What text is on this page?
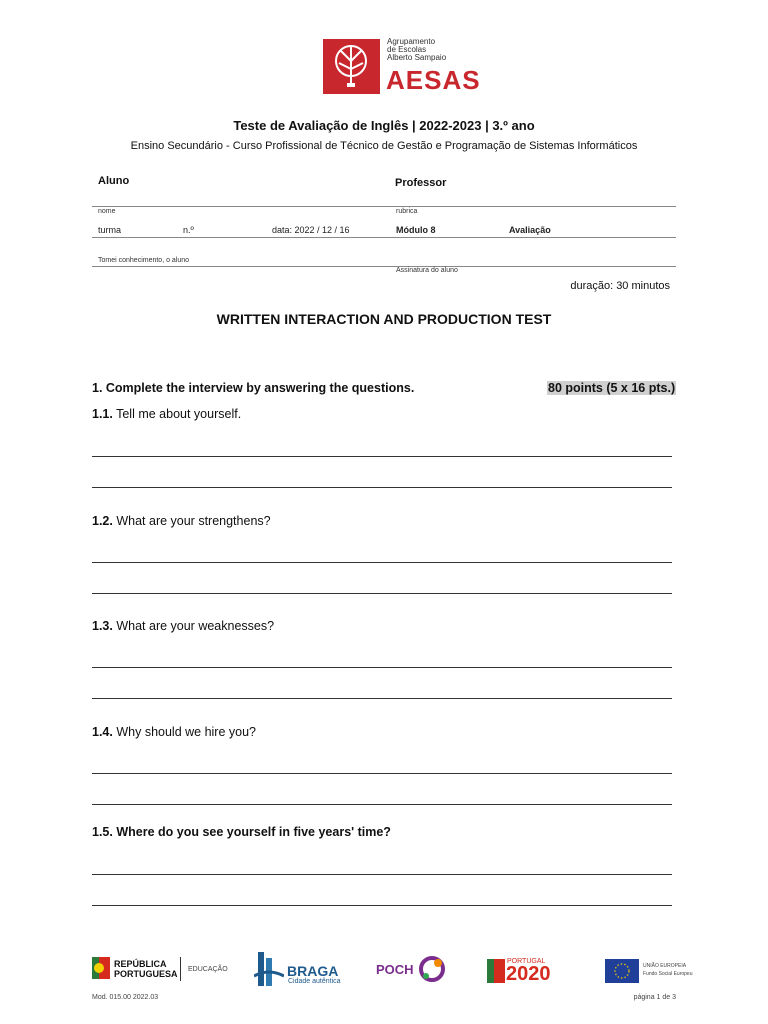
Agrupamento
de Escolas
Alberto Sampaio
AESAS
Teste de Avaliação de Inglês | 2022-2023 | 3.º ano
Ensino Secundário - Curso Profissional de Técnico de Gestão e Programação de Sistemas Informáticos
Aluno	Professor
nome	rubrica
turma	n.º	data: 2022 / 12 / 16	Módulo 8	Avaliação
Tomei conhecimento, o aluno
Assinatura do aluno
duração: 30 minutos
WRITTEN INTERACTION AND PRODUCTION TEST
1. Complete the interview by answering the questions.	80 points (5 x 16 pts.)
1.1. Tell me about yourself.
1.2. What are your strengthens?
1.3. What are your weaknesses?
1.4. Why should we hire you?
1.5. Where do you see yourself in five years' time?
REPÚBLICA
PORTUGUESA EDUCAÇÃO	BRAGA
Cidade autêntica
POCH
PORTUGAL
2020	UNIÃO EUROPEIA
Fundo Social Europeu
Mod. 015.00 2022.03	página 1 de 3
